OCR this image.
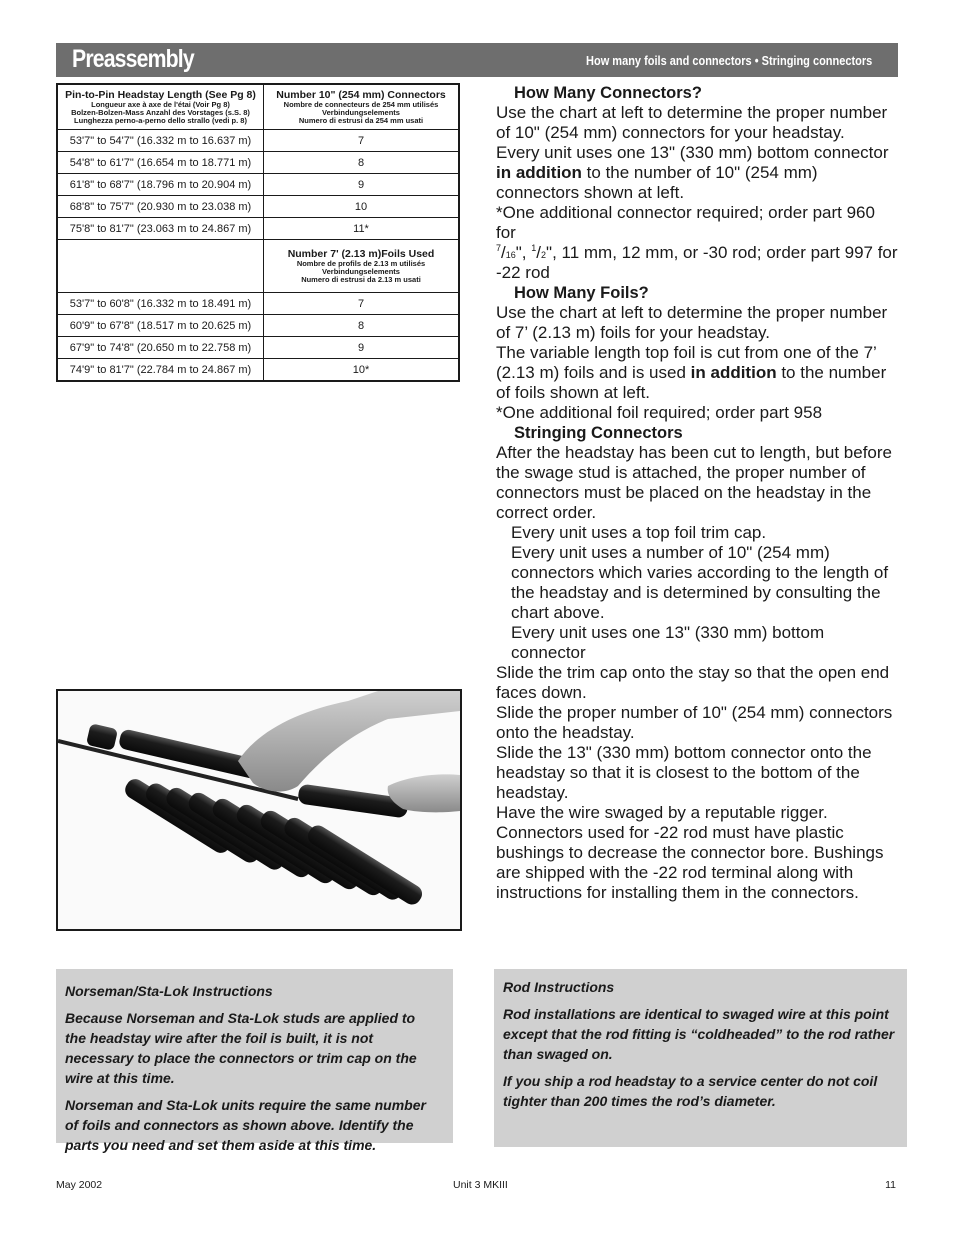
Preassembly	How many foils and connectors • Stringing connectors
Pin-to-Pin Headstay Length (See Pg 8)
Longueur axe à axe de l'étai (Voir Pg 8)
Bolzen-Bolzen-Mass Anzahl des Vorstages (s.S. 8)
Lunghezza perno-a-perno dello strallo (vedi p. 8)	Number 10" (254 mm) Connectors
Nombre de connecteurs de 254 mm utilisés
Verbindungselements
Numero di estrusi da 254 mm usati

53'7" to 54'7" (16.332 m to 16.637 m)	7
54'8" to 61'7" (16.654 m to 18.771 m)	8
61'8" to 68'7" (18.796 m to 20.904 m)	9
68'8" to 75'7" (20.930 m to 23.038 m)	10
75'8" to 81'7" (23.063 m to 24.867 m)	11*

	Number 7' (2.13 m)Foils Used
Nombre de profils de 2.13 m utilisés
Verbindungselements
Numero di estrusi da 2.13 m usati

53'7" to 60'8" (16.332 m to 18.491 m)	7
60'9" to 67'8" (18.517 m to 20.625 m)	8
67'9" to 74'8" (20.650 m to 22.758 m)	9
74'9" to 81'7" (22.784 m to 24.867 m)	10*

How Many Connectors?

Use the chart at left to determine the proper number of 10" (254 mm) connectors for your headstay.

Every unit uses one 13" (330 mm) bottom connector
in addition to the number of 10" (254 mm) connectors shown at left.

*One additional connector required; order part 960 for
$^7$/16", $^1$/2", 11 mm, 12 mm, or -30 rod; order part 997 for -22 rod

How Many Foils?

Use the chart at left to determine the proper number of 7’ (2.13 m) foils for your headstay.

The variable length top foil is cut from one of the 7’ (2.13 m) foils and is used in addition to the number of foils shown at left.

*One additional foil required; order part 958

Stringing Connectors

After the headstay has been cut to length, but before the swage stud is attached, the proper number of connectors must be placed on the headstay in the correct order.

Every unit uses a top foil trim cap.

Every unit uses a number of 10" (254 mm) connectors which varies according to the length of the headstay and is determined by consulting the chart above.

Every unit uses one 13" (330 mm) bottom connector

Slide the trim cap onto the stay so that the open end faces down.

Slide the proper number of 10" (254 mm) connectors onto the headstay.

Slide the 13" (330 mm) bottom connector onto the headstay so that it is closest to the bottom of the headstay.

Have the wire swaged by a reputable rigger.

Connectors used for -22 rod must have plastic bushings to decrease the connector bore. Bushings are shipped with the -22 rod terminal along with instructions for installing them in the connectors.

Norseman/Sta-Lok Instructions

Because Norseman and Sta-Lok studs are applied to the headstay wire after the foil is built, it is not necessary to place the connectors or trim cap on the wire at this time.

Norseman and Sta-Lok units require the same number of foils and connectors as shown above. Identify the parts you need and set them aside at this time.

Rod Instructions

Rod installations are identical to swaged wire at this point except that the rod fitting is “coldheaded” to the rod rather than swaged on.

If you ship a rod headstay to a service center do not coil tighter than 200 times the rod’s diameter.

May 2002	Unit 3 MKIII	11
